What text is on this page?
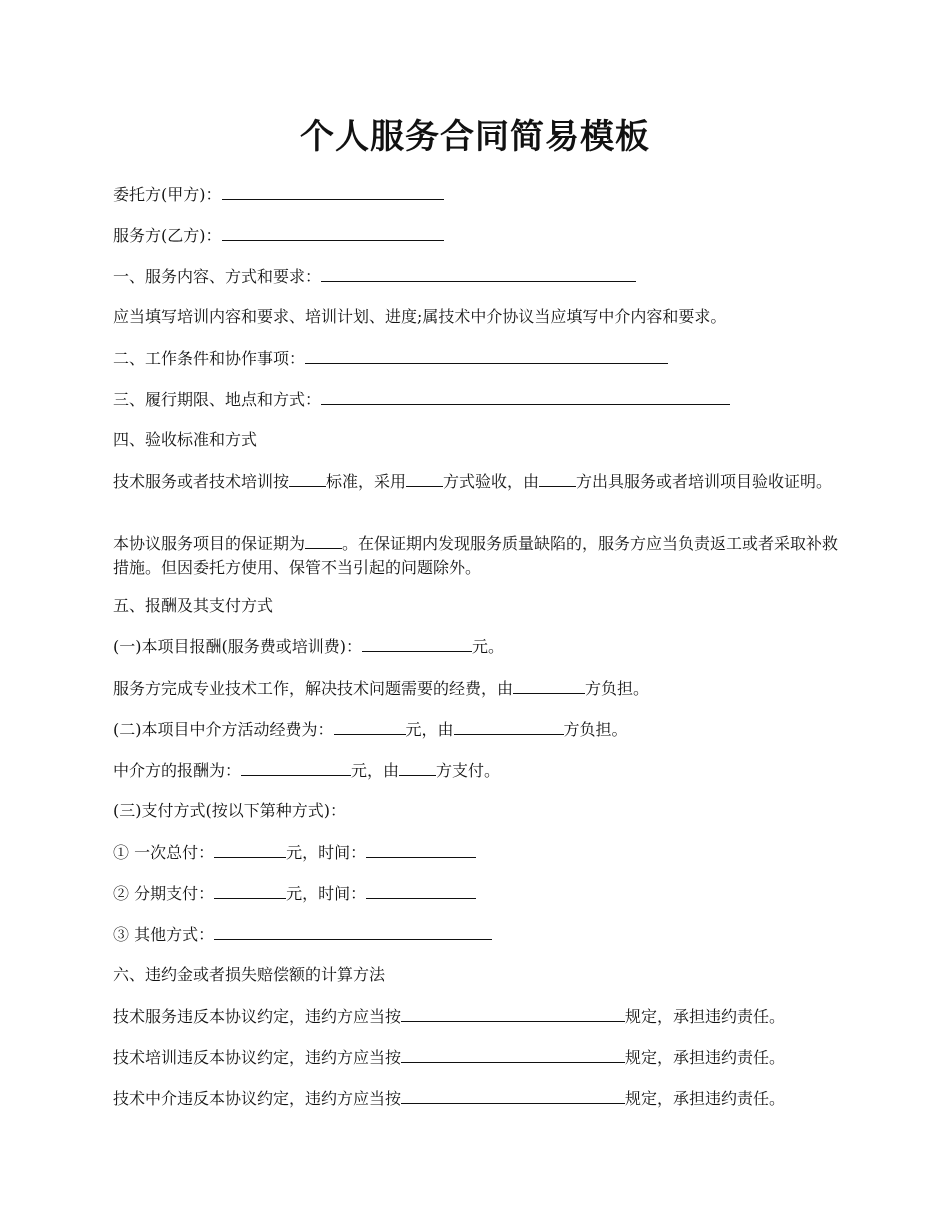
个人服务合同简易模板
委托方(甲方)：
服务方(乙方)：
一、服务内容、方式和要求：
应当填写培训内容和要求、培训计划、进度;属技术中介协议当应填写中介内容和要求。
二、工作条件和协作事项：
三、履行期限、地点和方式：
四、验收标准和方式
技术服务或者技术培训按 标准，采用 方式验收，由 方出具服务或者培训项目验收证明。
本协议服务项目的保证期为 。在保证期内发现服务质量缺陷的，服务方应当负责返工或者采取补救措施。但因委托方使用、保管不当引起的问题除外。
五、报酬及其支付方式
(一)本项目报酬(服务费或培训费)：	元。
服务方完成专业技术工作，解决技术问题需要的经费，由	方负担。
(二)本项目中介方活动经费为：	元，由	方负担。
中介方的报酬为：	元，由 方支付。
(三)支付方式(按以下第种方式)：
① 一次总付：	元，时间：
② 分期支付：	元，时间：
③ 其他方式：
六、违约金或者损失赔偿额的计算方法
技术服务违反本协议约定，违约方应当按	规定，承担违约责任。
技术培训违反本协议约定，违约方应当按	规定，承担违约责任。
技术中介违反本协议约定，违约方应当按	规定，承担违约责任。
